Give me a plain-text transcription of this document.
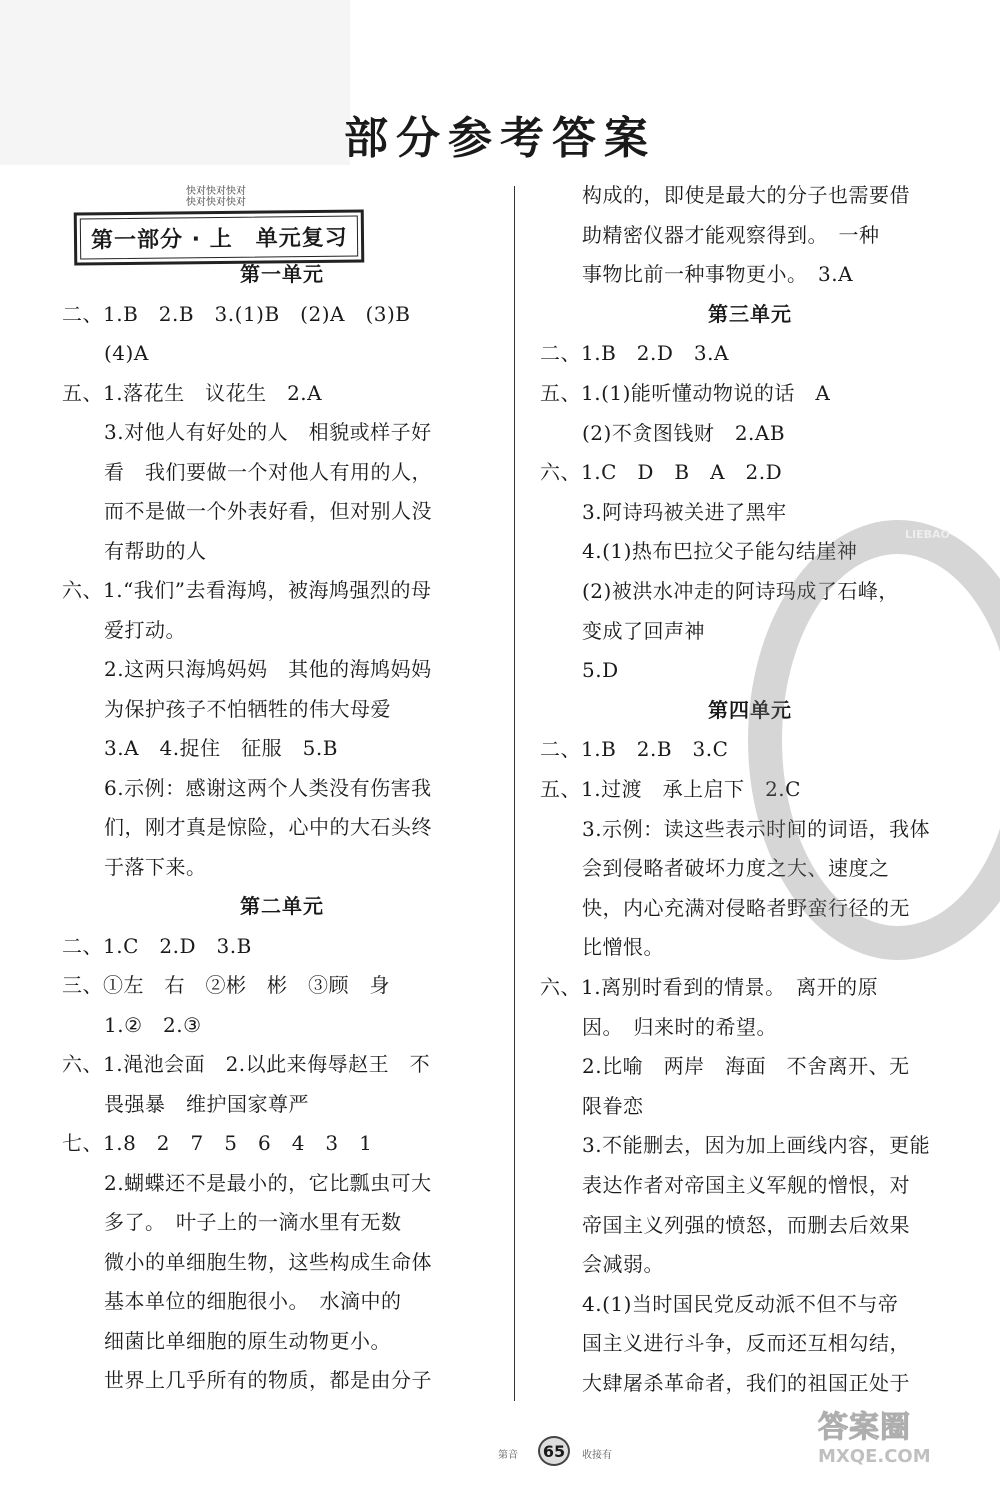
部分参考答案
快对快对快对
快对快对快对
第一部分 · 上　单元复习
第一单元
二、1.B　2.B　3.(1)B　(2)A　(3)B
(4)A
五、1.落花生　议花生　2.A
3.对他人有好处的人　相貌或样子好
看　我们要做一个对他人有用的人，
而不是做一个外表好看，但对别人没
有帮助的人
六、1.“我们”去看海鸠，被海鸠强烈的母
爱打动。
2.这两只海鸠妈妈　其他的海鸠妈妈
为保护孩子不怕牺牲的伟大母爱
3.A　4.捉住　征服　5.B
6.示例：感谢这两个人类没有伤害我
们，刚才真是惊险，心中的大石头终
于落下来。
第二单元
二、1.C　2.D　3.B
三、①左　右　②彬　彬　③顾　身
1.②　2.③
六、1.渑池会面　2.以此来侮辱赵王　不
畏强暴　维护国家尊严
七、1.8　2　7　5　6　4　3　1
2.蝴蝶还不是最小的，它比瓢虫可大
多了。　叶子上的一滴水里有无数
微小的单细胞生物，这些构成生命体
基本单位的细胞很小。　水滴中的
细菌比单细胞的原生动物更小。
世界上几乎所有的物质，都是由分子
构成的，即使是最大的分子也需要借
助精密仪器才能观察得到。　一种
事物比前一种事物更小。　3.A
第三单元
二、1.B　2.D　3.A
五、1.(1)能听懂动物说的话　A
(2)不贪图钱财　2.AB
六、1.C　D　B　A　2.D
3.阿诗玛被关进了黑牢
4.(1)热布巴拉父子能勾结崖神
(2)被洪水冲走的阿诗玛成了石峰，
变成了回声神
5.D
第四单元
二、1.B　2.B　3.C
五、1.过渡　承上启下　2.C
3.示例：读这些表示时间的词语，我体
会到侵略者破坏力度之大、速度之
快，内心充满对侵略者野蛮行径的无
比憎恨。
六、1.离别时看到的情景。　离开的原
因。　归来时的希望。
2.比喻　两岸　海面　不舍离开、无
限眷恋
3.不能删去，因为加上画线内容，更能
表达作者对帝国主义军舰的憎恨，对
帝国主义列强的愤怒，而删去后效果
会减弱。
4.(1)当时国民党反动派不但不与帝
国主义进行斗争，反而还互相勾结，
大肆屠杀革命者，我们的祖国正处于
LIEBAO
第音	65	收接有
答案圈
MXQE.COM
